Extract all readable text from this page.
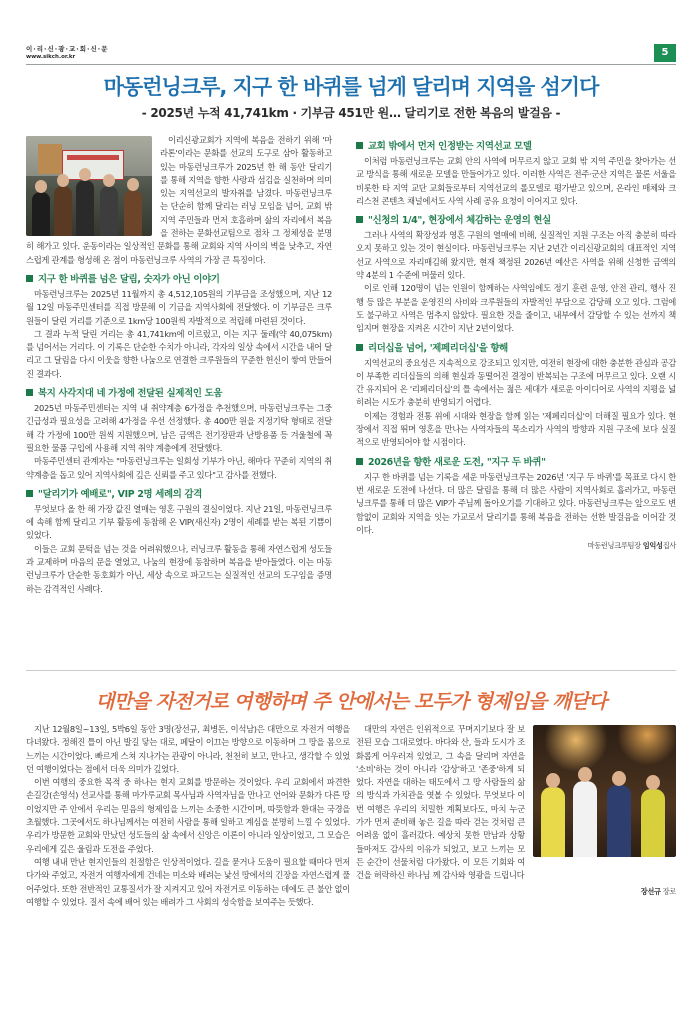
이·리·신·광·교·회·신·문
www.sikch.or.kr	5
마동런닝크루, 지구 한 바퀴를 넘게 달리며 지역을 섬기다
- 2025년 누적 41,741km · 기부금 451만 원… 달리기로 전한 복음의 발걸음 -

이리신광교회가 지역에 복음을 전하기 위해 '마라톤'이라는 문화를 선교의 도구로 삼아 활동하고 있는 마동런닝크루가 2025년 한 해 동안 달리기를 통해 지역을 향한 사랑과 섬김을 실천하며 의미 있는 지역선교의 발자취를 남겼다. 마동런닝크루는 단순히 함께 달리는 러닝 모임을 넘어, 교회 밖 지역 주민들과 먼저 호흡하며 삶의 자리에서 복음을 전하는 문화선교팀으로 점차 그 정체성을 분명히 해가고 있다. 운동이라는 일상적인 문화를 통해 교회와 지역 사이의 벽을 낮추고, 자연스럽게 관계를 형성해 온 점이 마동런닝크루 사역의 가장 큰 특징이다.

지구 한 바퀴를 넘은 달림, 숫자가 아닌 이야기

마동런닝크루는 2025년 11월까지 총 4,512,105원의 기부금을 조성했으며, 지난 12월 12일 마동주민센터를 직접 방문해 이 기금을 지역사회에 전달했다. 이 기부금은 크루원들이 달린 거리를 기준으로 1km당 100원씩 자발적으로 적립해 마련된 것이다.

그 결과 누적 달린 거리는 총 41,741km에 이르렀고, 이는 지구 둘레(약 40,075km)를 넘어서는 거리다. 이 기록은 단순한 수치가 아니라, 각자의 일상 속에서 시간을 내어 달리고 그 달림을 다시 이웃을 향한 나눔으로 연결한 크루원들의 꾸준한 헌신이 쌓여 만들어진 결과다.

복지 사각지대 네 가정에 전달된 실제적인 도움

2025년 마동주민센터는 지역 내 취약계층 6가정을 추천했으며, 마동런닝크루는 그중 긴급성과 필요성을 고려해 4가정을 우선 선정했다. 총 400만 원을 지정기탁 형태로 전달해 각 가정에 100만 원씩 지원했으며, 남은 금액은 전기장판과 난방용품 등 겨울철에 꼭 필요한 물품 구입에 사용해 지역 취약 계층에게 전달했다.

마동주민센터 관계자는 "마동런닝크루는 일회성 기부가 아닌, 해마다 꾸준히 지역의 취약계층을 돕고 있어 지역사회에 깊은 신뢰를 주고 있다"고 감사를 전했다.

"달리기가 예배로", VIP 2명 세례의 감격

무엇보다 올 한 해 가장 값진 열매는 영혼 구원의 결실이었다. 지난 21일, 마동런닝크루에 속해 함께 달리고 기부 활동에 동참해 온 VIP(새신자) 2명이 세례를 받는 복된 기쁨이 있었다.

이들은 교회 문턱을 넘는 것을 어려워했으나, 러닝크루 활동을 통해 자연스럽게 성도들과 교제하며 마음의 문을 열었고, 나눔의 현장에 동참하며 복음을 받아들였다. 이는 마동런닝크루가 단순한 동호회가 아닌, 세상 속으로 파고드는 실질적인 선교의 도구임을 증명하는 감격적인 사례다.

교회 밖에서 먼저 인정받는 지역선교 모델

이처럼 마동런닝크루는 교회 안의 사역에 머무르지 않고 교회 밖 지역 주민을 찾아가는 선교 방식을 통해 새로운 모델을 만들어가고 있다. 이러한 사역은 전주·군산 지역은 물론 서울을 비롯한 타 지역 교단 교회들로부터 지역선교의 롤모델로 평가받고 있으며, 온라인 매체와 크리스천 콘텐츠 채널에서도 사역 사례 공유 요청이 이어지고 있다.

"신청의 1/4", 현장에서 체감하는 운영의 현실

그러나 사역의 확장성과 영혼 구원의 열매에 비해, 실질적인 지원 구조는 아직 충분히 따라오지 못하고 있는 것이 현실이다. 마동런닝크루는 지난 2년간 이리신광교회의 대표적인 지역선교 사역으로 자리매김해 왔지만, 현재 책정된 2026년 예산은 사역을 위해 신청한 금액의 약 4분의 1 수준에 머물러 있다.

이로 인해 120명이 넘는 인원이 함께하는 사역임에도 정기 훈련 운영, 안전 관리, 행사 진행 등 많은 부분을 운영진의 사비와 크루원들의 자발적인 부담으로 감당해 오고 있다. 그럼에도 불구하고 사역은 멈추지 않았다. 필요한 것을 줄이고, 내부에서 감당할 수 있는 선까지 책임지며 현장을 지켜온 시간이 지난 2년이었다.

리더십을 넘어, '제페리더십'을 향해

지역선교의 중요성은 지속적으로 강조되고 있지만, 여전히 현장에 대한 충분한 관심과 공감이 부족한 리더십들의 의해 현실과 동떨어진 결정이 반복되는 구조에 머무르고 있다. 오랜 시간 유지되어 온 '리페리더십'의 틀 속에서는 젊은 세대가 새로운 아이디어로 사역의 지평을 넓히려는 시도가 충분히 반영되기 어렵다.

이제는 경험과 전통 위에 시대와 현장을 함께 읽는 '제페리더십'이 더해질 필요가 있다. 현장에서 직접 뛰며 영혼을 만나는 사역자들의 목소리가 사역의 방향과 지원 구조에 보다 실질적으로 반영되어야 할 시점이다.

2026년을 향한 새로운 도전, "지구 두 바퀴"

지구 한 바퀴를 넘는 기록을 세운 마동런닝크루는 2026년 '지구 두 바퀴'를 목표로 다시 한번 새로운 도전에 나선다. 더 많은 달림을 통해 더 많은 사람이 지역사회로 흘러가고, 마동런닝크루를 통해 더 많은 VIP가 주님께 돌아오기를 기대하고 있다. 마동런닝크루는 앞으로도 변함없이 교회와 지역을 잇는 가교로서 달리기를 통해 복음을 전하는 선한 발걸음을 이어갈 것이다.

마동런닝크루팀장 임익성집사
대만을 자전거로 여행하며 주 안에서는 모두가 형제임을 깨닫다

지난 12월8일~13일, 5박6일 동안 3명(장선규, 최병돈, 이석남)은 대만으로 자전거 여행을 다녀왔다. 정해진 틀이 아닌 발길 닿는 대로, 페달이 이끄는 방향으로 이동하며 그 땅을 몸으로 느끼는 시간이었다. 빠르게 스쳐 지나가는 관광이 아니라, 천천히 보고, 만나고, 생각할 수 있었던 여행이었다는 점에서 더욱 의미가 깊었다.

이번 여행의 중요한 목적 중 하나는 현지 교회를 방문하는 것이었다. 우리 교회에서 파견한 손길강(손영석) 선교사를 통해 마가루교회 목사님과 사역자님을 만나고 언어와 문화가 다른 땅이었지만 주 안에서 우리는 믿음의 형제임을 느끼는 소중한 시간이며, 따뜻함과 환대는 국경을 초월했다. 그곳에서도 하나님께서는 여전히 사람을 통해 일하고 계심을 분명히 느낄 수 있었다. 우리가 방문한 교회와 만났던 성도들의 삶 속에서 신앙은 이론이 아니라 일상이었고, 그 모습은 우리에게 깊은 울림과 도전을 주었다.

여행 내내 만난 현지인들의 친절함은 인상적이었다. 길을 묻거나 도움이 필요할 때마다 먼저 다가와 주었고, 자전거 여행자에게 건네는 미소와 배려는 낯선 땅에서의 긴장을 자연스럽게 풀어주었다. 또한 전반적인 교통질서가 잘 지켜지고 있어 자전거로 이동하는 데에도 큰 불안 없이 여행할 수 있었다. 질서 속에 배어 있는 배려가 그 사회의 성숙함을 보여주는 듯했다.

대만의 자연은 인위적으로 꾸며지기보다 잘 보전된 모습 그대로였다. 바다와 산, 들과 도시가 조화롭게 어우러져 있었고, 그 속을 달리며 자연을 '소비'하는 것이 아니라 '감상'하고 '존중'하게 되었다. 자연을 대하는 태도에서 그 땅 사람들의 삶의 방식과 가치관을 엿볼 수 있었다. 무엇보다 이번 여행은 우리의 치밀한 계획보다도, 마치 누군가가 먼저 준비해 놓은 길을 따라 걷는 것처럼 큰 어려움 없이 흘러갔다. 예상치 못한 만남과 상황들마저도 감사의 이유가 되었고, 보고 느끼는 모든 순간이 선물처럼 다가왔다. 이 모든 기회와 여건을 허락하신 하나님 께 감사와 영광을 드립니다

장선규 장로
